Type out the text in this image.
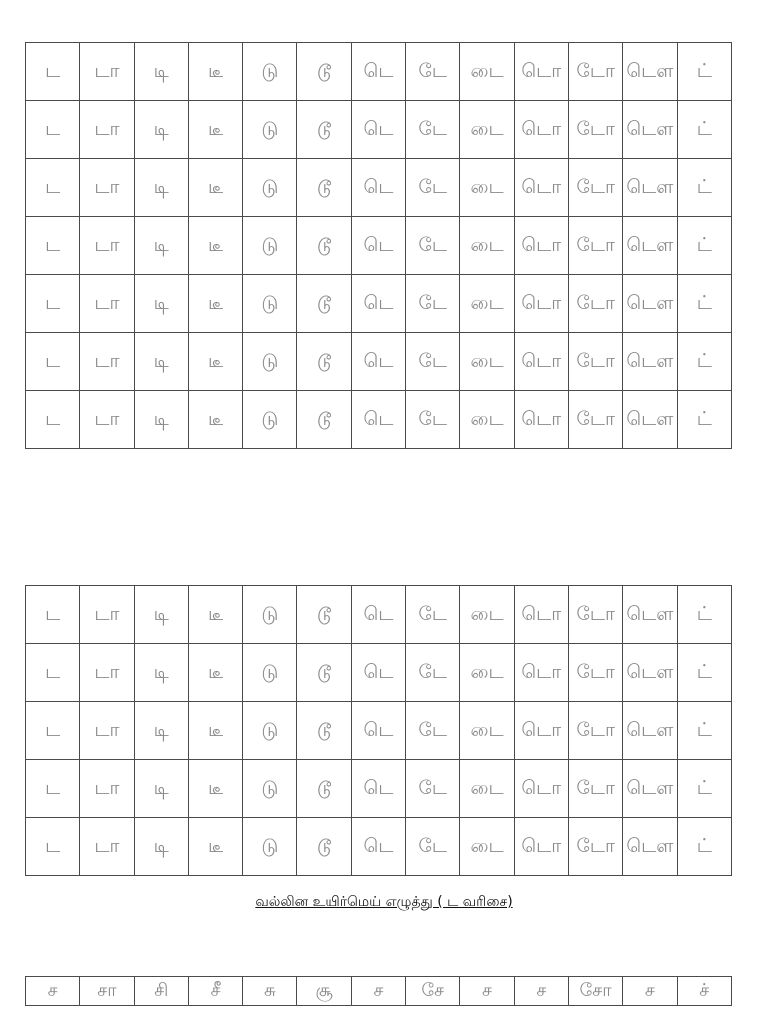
ட	டா	டி	டீ	டு	டூ	டெ	டே	டை	டொ	டோ	டௌ	ட்
ட	டா	டி	டீ	டு	டூ	டெ	டே	டை	டொ	டோ	டௌ	ட்
ட	டா	டி	டீ	டு	டூ	டெ	டே	டை	டொ	டோ	டௌ	ட்
ட	டா	டி	டீ	டு	டூ	டெ	டே	டை	டொ	டோ	டௌ	ட்
ட	டா	டி	டீ	டு	டூ	டெ	டே	டை	டொ	டோ	டௌ	ட்
ட	டா	டி	டீ	டு	டூ	டெ	டே	டை	டொ	டோ	டௌ	ட்
ட	டா	டி	டீ	டு	டூ	டெ	டே	டை	டொ	டோ	டௌ	ட்
ட	டா	டி	டீ	டு	டூ	டெ	டே	டை	டொ	டோ	டௌ	ட்
ட	டா	டி	டீ	டு	டூ	டெ	டே	டை	டொ	டோ	டௌ	ட்
ட	டா	டி	டீ	டு	டூ	டெ	டே	டை	டொ	டோ	டௌ	ட்
ட	டா	டி	டீ	டு	டூ	டெ	டே	டை	டொ	டோ	டௌ	ட்
ட	டா	டி	டீ	டு	டூ	டெ	டே	டை	டொ	டோ	டௌ	ட்
வல்லின உயிர்மெய் எழுத்து ( ட வரிசை)
ச	சா	சி	சீ	சு	சூ	ச	சே	ச	ச	சோ	ச	ச்
